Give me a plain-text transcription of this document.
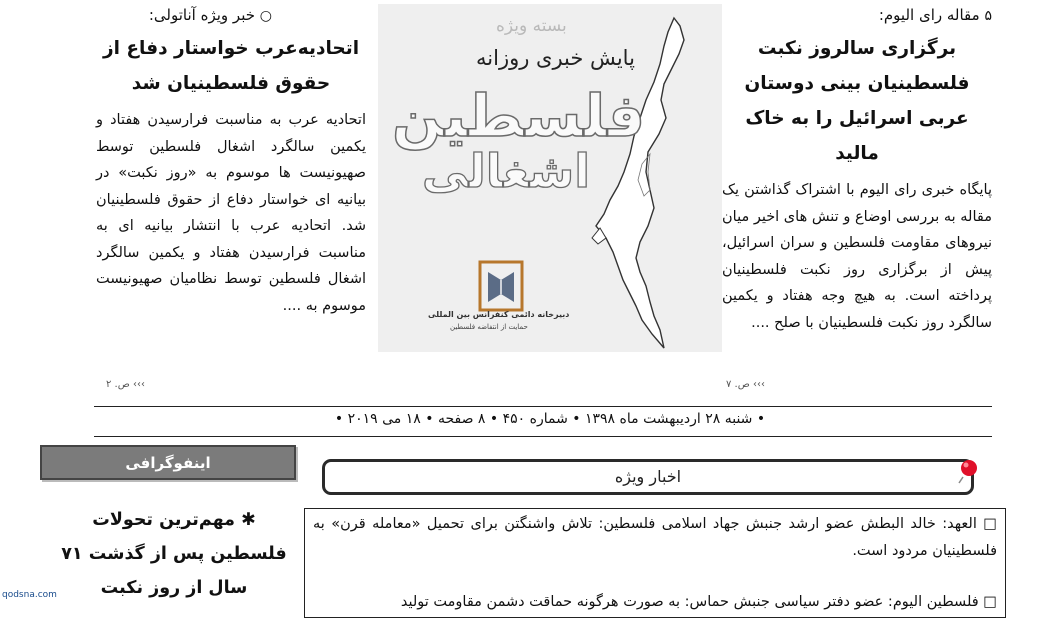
۵ مقاله رای الیوم:

برگزاری سالروز نکبت فلسطینیان بینی دوستان عربی اسرائیل را به خاک مالید

پایگاه خبری رای الیوم با اشتراک گذاشتن یک مقاله به بررسی اوضاع و تنش های اخیر میان نیروهای مقاومت فلسطین و سران اسرائیل، پیش از برگزاری روز نکبت فلسطینیان پرداخته است. به هیچ وجه هفتاد و یکمین سالگرد روز نکبت فلسطینیان با صلح ....

››› ص. ۷
بسته ویژه
پایش خبری روزانه
فلسطین
اشغالی
دبیرخانه دائمی کنفرانس بین المللی
حمایت از انتفاضه فلسطین

○ خبر ویژه آناتولی:

اتحادیه‌عرب خواستار دفاع از حقوق فلسطینیان شد

اتحادیه عرب به مناسبت فرارسیدن هفتاد و یکمین سالگرد اشغال فلسطین توسط صهیونیست ها موسوم به «روز نکبت» در بیانیه ای خواستار دفاع از حقوق فلسطینیان شد. اتحادیه عرب با انتشار بیانیه ای به مناسبت فرارسیدن هفتاد و یکمین سالگرد اشغال فلسطین توسط نظامیان صهیونیست موسوم به ....

››› ص. ۲
• شنبه ۲۸ اردیبهشت ماه ۱۳۹۸ • شماره ۴۵۰ • ۸ صفحه • ۱۸ می ۲۰۱۹ •
اخبار ویژه

□ العهد: خالد البطش عضو ارشد جنبش جهاد اسلامی فلسطین: تلاش واشنگتن برای تحمیل «معامله قرن» به فلسطینیان مردود است.

□ فلسطین الیوم: عضو دفتر سیاسی جنبش حماس: به صورت هرگونه حماقت دشمن مقاومت تولید

اینفوگرافی
✱ مهم‌ترین تحولات فلسطین پس از گذشت ۷۱ سال از روز نکبت
qodsna.com
